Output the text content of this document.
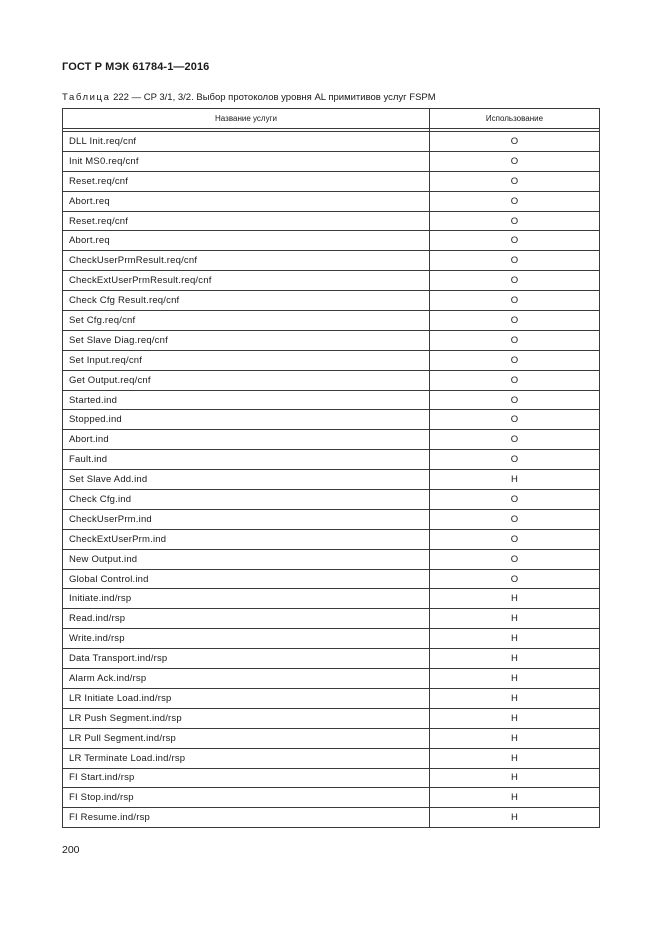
ГОСТ Р МЭК 61784-1—2016
Таблица 222 — CP 3/1, 3/2. Выбор протоколов уровня AL примитивов услуг FSPM
Название услуги	Использование

DLL Init.req/cnf	O
Init MS0.req/cnf	O
Reset.req/cnf	O
Abort.req	O
Reset.req/cnf	O
Abort.req	O
CheckUserPrmResult.req/cnf	O
CheckExtUserPrmResult.req/cnf	O
Check Cfg Result.req/cnf	O
Set Cfg.req/cnf	O
Set Slave Diag.req/cnf	O
Set Input.req/cnf	O
Get Output.req/cnf	O
Started.ind	O
Stopped.ind	O
Abort.ind	O
Fault.ind	O
Set Slave Add.ind	H
Check Cfg.ind	O
CheckUserPrm.ind	O
CheckExtUserPrm.ind	O
New Output.ind	O
Global Control.ind	O
Initiate.ind/rsp	H
Read.ind/rsp	H
Write.ind/rsp	H
Data Transport.ind/rsp	H
Alarm Ack.ind/rsp	H
LR Initiate Load.ind/rsp	H
LR Push Segment.ind/rsp	H
LR Pull Segment.ind/rsp	H
LR Terminate Load.ind/rsp	H
FI Start.ind/rsp	H
FI Stop.ind/rsp	H
FI Resume.ind/rsp	H
200
